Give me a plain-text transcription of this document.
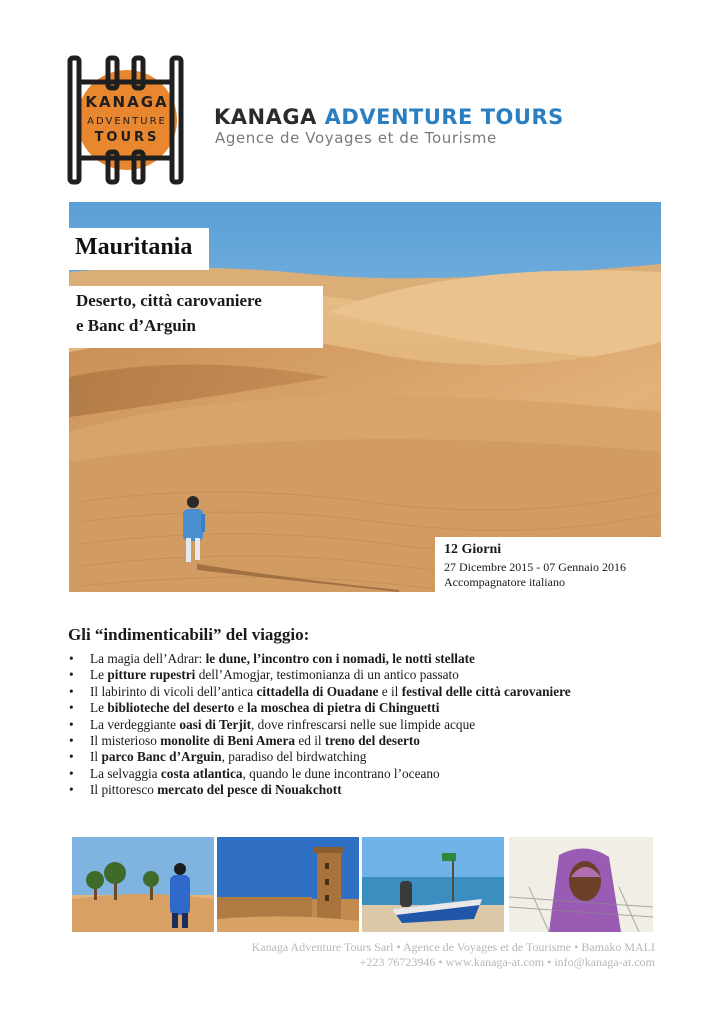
KANAGA
ADVENTURE
TOURS
KANAGA ADVENTURE TOURS
Agence de Voyages et de Tourisme
Mauritania
Deserto, città carovaniere
e Banc d’Arguin
12 Giorni
27 Dicembre 2015 - 07 Gennaio 2016
Accompagnatore italiano
Gli “indimenticabili” del viaggio:
• La magia dell’Adrar: le dune, l’incontro con i nomadi, le notti stellate
• Le pitture rupestri dell’Amogjar, testimonianza di un antico passato
• Il labirinto di vicoli dell’antica cittadella di Ouadane e il festival delle città carovaniere
• Le biblioteche del deserto e la moschea di pietra di Chinguetti
• La verdeggiante oasi di Terjit, dove rinfrescarsi nelle sue limpide acque
• Il misterioso monolite di Beni Amera ed il treno del deserto
• Il parco Banc d’Arguin, paradiso del birdwatching
• La selvaggia costa atlantica, quando le dune incontrano l’oceano
• Il pittoresco mercato del pesce di Nouakchott
Kanaga Adventure Tours Sarl • Agence de Voyages et de Tourisme • Bamako MALI
+223 76723946 • www.kanaga-at.com • info@kanaga-at.com
